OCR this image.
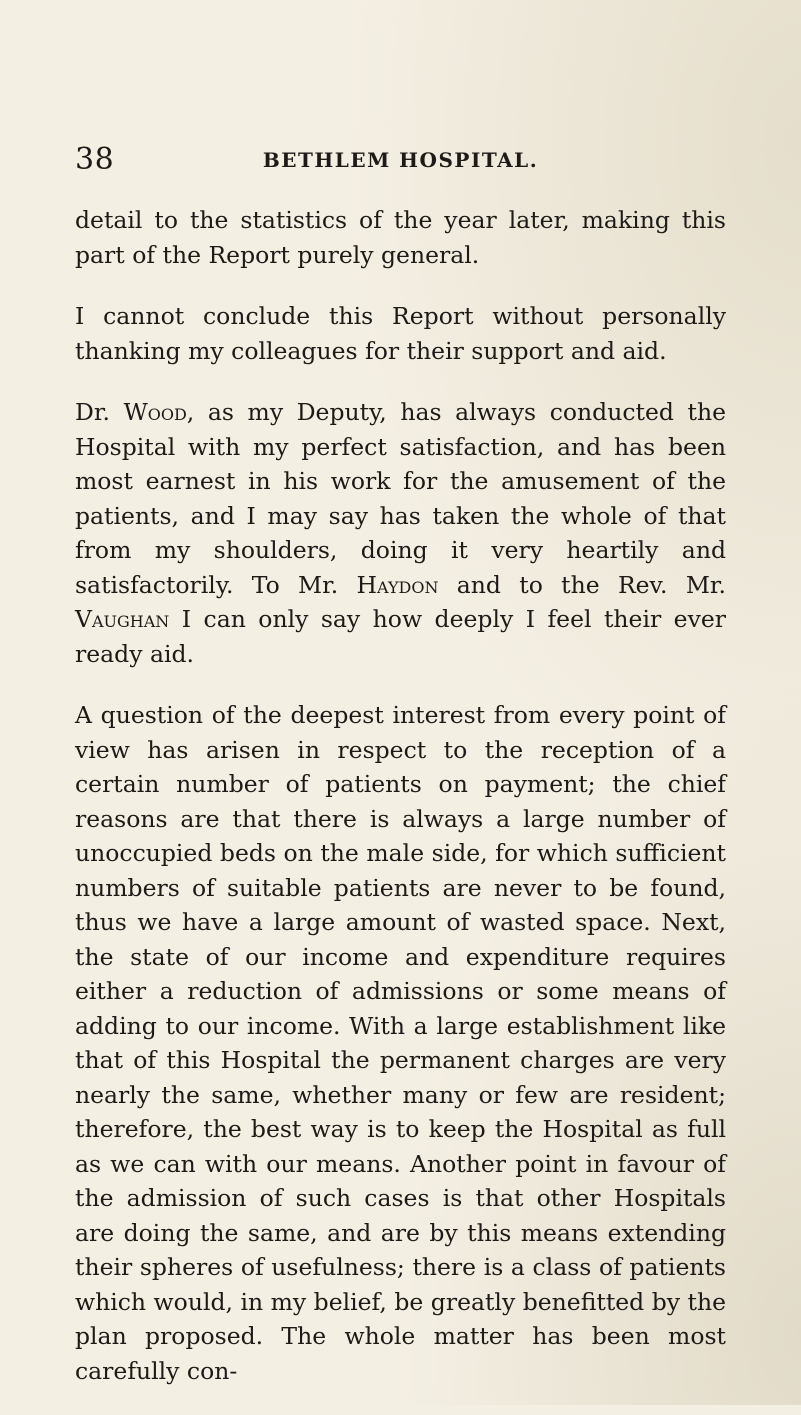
38	BETHLEM HOSPITAL.

detail to the statistics of the year later, making this part of the Report purely general.

I cannot conclude this Report without personally thanking my colleagues for their support and aid.

Dr. Wood, as my Deputy, has always conducted the Hospital with my perfect satisfaction, and has been most earnest in his work for the amusement of the patients, and I may say has taken the whole of that from my shoulders, doing it very heartily and satisfactorily. To Mr. Haydon and to the Rev. Mr. Vaughan I can only say how deeply I feel their ever ready aid.

A question of the deepest interest from every point of view has arisen in respect to the reception of a certain number of patients on payment; the chief reasons are that there is always a large number of unoccupied beds on the male side, for which sufficient numbers of suitable patients are never to be found, thus we have a large amount of wasted space. Next, the state of our income and expenditure requires either a reduction of admissions or some means of adding to our income. With a large establishment like that of this Hospital the permanent charges are very nearly the same, whether many or few are resident; therefore, the best way is to keep the Hospital as full as we can with our means. Another point in favour of the admission of such cases is that other Hospitals are doing the same, and are by this means extending their spheres of usefulness; there is a class of patients which would, in my belief, be greatly benefitted by the plan proposed. The whole matter has been most carefully con-
